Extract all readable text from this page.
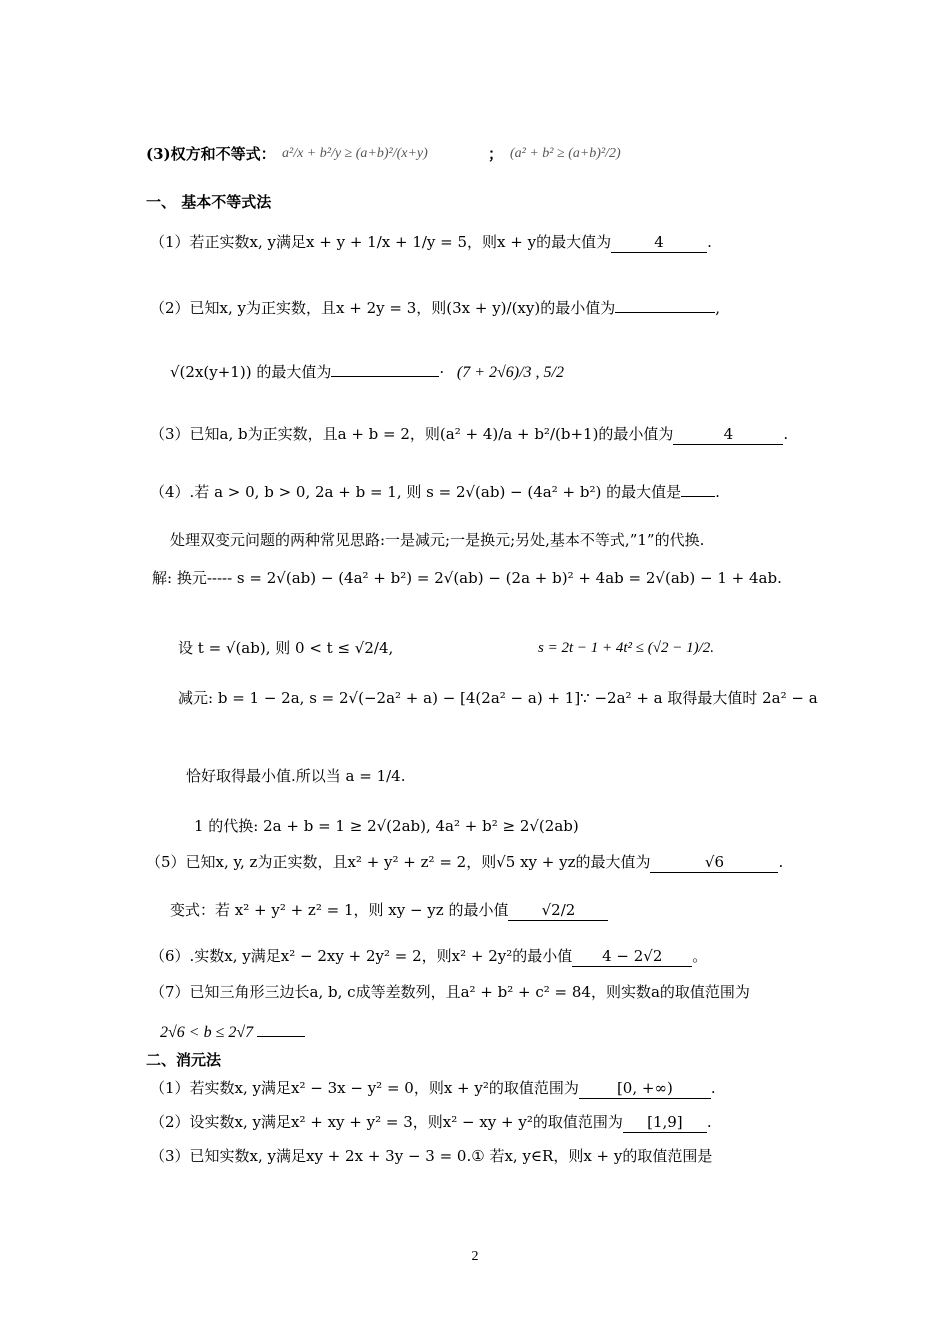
(3)权方和不等式： a²/x + b²/y ≥ (a+b)²/(x+y)	； (a² + b² ≥ (a+b)²/2)
一、 基本不等式法
（1）若正实数x, y满足x + y + 1/x + 1/y = 5，则x + y的最大值为	4	.
（2）已知x, y为正实数，且x + 2y = 3，则(3x + y)/(xy)的最小值为	,
√(2x(y+1)) 的最大值为	· (7 + 2√6)/3 , 5/2
（3）已知a, b为正实数，且a + b = 2，则(a² + 4)/a + b²/(b+1)的最小值为	4	.
（4）.若 a > 0, b > 0, 2a + b = 1, 则 s = 2√(ab) − (4a² + b²) 的最大值是 .
处理双变元问题的两种常见思路:一是减元;一是换元;另处,基本不等式,”1”的代换.
解: 换元----- s = 2√(ab) − (4a² + b²) = 2√(ab) − (2a + b)² + 4ab = 2√(ab) − 1 + 4ab.
设 t = √(ab), 则 0 < t ≤ √2/4,	s = 2t − 1 + 4t² ≤ (√2 − 1)/2.
减元: b = 1 − 2a, s = 2√(−2a² + a) − [4(2a² − a) + 1]∵ −2a² + a 取得最大值时 2a² − a
恰好取得最小值.所以当 a = 1/4.
1 的代换: 2a + b = 1 ≥ 2√(2ab), 4a² + b² ≥ 2√(2ab)
（5）已知x, y, z为正实数，且x² + y² + z² = 2，则√5 xy + yz的最大值为	√6	.
变式：若 x² + y² + z² = 1，则 xy − yz 的最小值 √2/2
（6）.实数x, y满足x² − 2xy + 2y² = 2，则x² + 2y²的最小值 4 − 2√2 。
（7）已知三角形三边长a, b, c成等差数列，且a² + b² + c² = 84，则实数a的取值范围为
2√6 < b ≤ 2√7
二、消元法
（1）若实数x, y满足x² − 3x − y² = 0，则x + y²的取值范围为	[0, +∞)	.
（2）设实数x, y满足x² + xy + y² = 3，则x² − xy + y²的取值范围为 [1,9] .
（3）已知实数x, y满足xy + 2x + 3y − 3 = 0.① 若x, y∈R，则x + y的取值范围是
2
